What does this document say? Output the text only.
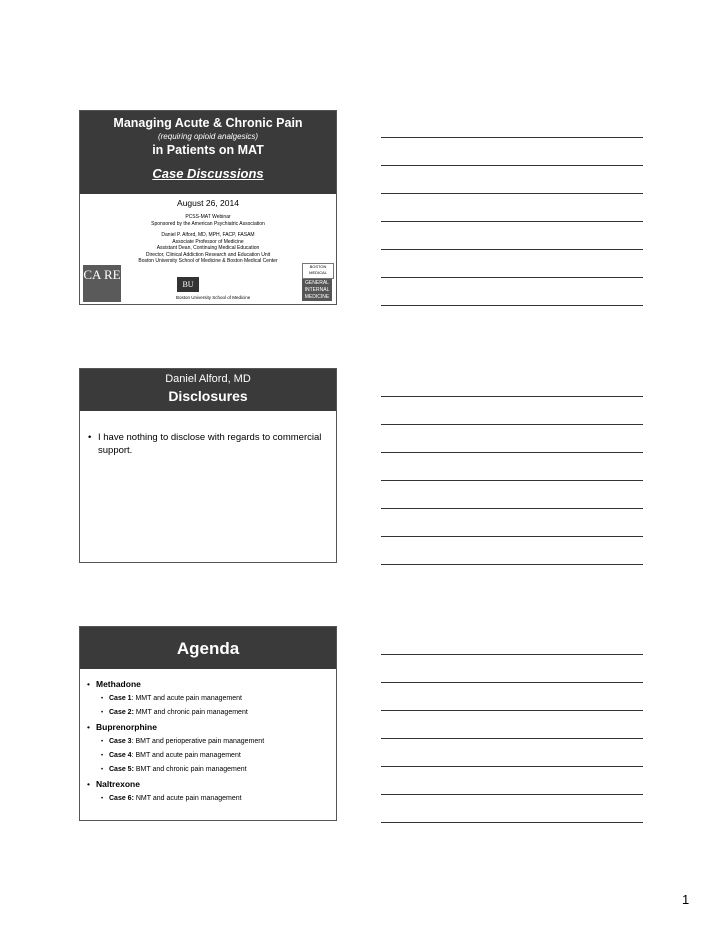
Managing Acute & Chronic Pain
(requiring opioid analgesics)
in Patients on MAT
Case Discussions
August 26, 2014
PCSS-MAT Webinar
Sponsored by the American Psychiatric Association
Daniel P. Alford, MD, MPH, FACP, FASAM
Associate Professor of Medicine
Assistant Dean, Continuing Medical Education
Director, Clinical Addiction Research and Education Unit
Boston University School of Medicine & Boston Medical Center
CA RE
BU
Boston University School of Medicine
BOSTON MEDICAL
GENERAL INTERNAL MEDICINE
Daniel Alford, MD
Disclosures
• I have nothing to disclose with regards to commercial support.
Agenda
• Methadone
• Case 1: MMT and acute pain management
• Case 2: MMT and chronic pain management
• Buprenorphine
• Case 3: BMT and perioperative pain management
• Case 4: BMT and acute pain management
• Case 5: BMT and chronic pain management
• Naltrexone
• Case 6: NMT and acute pain management
1
